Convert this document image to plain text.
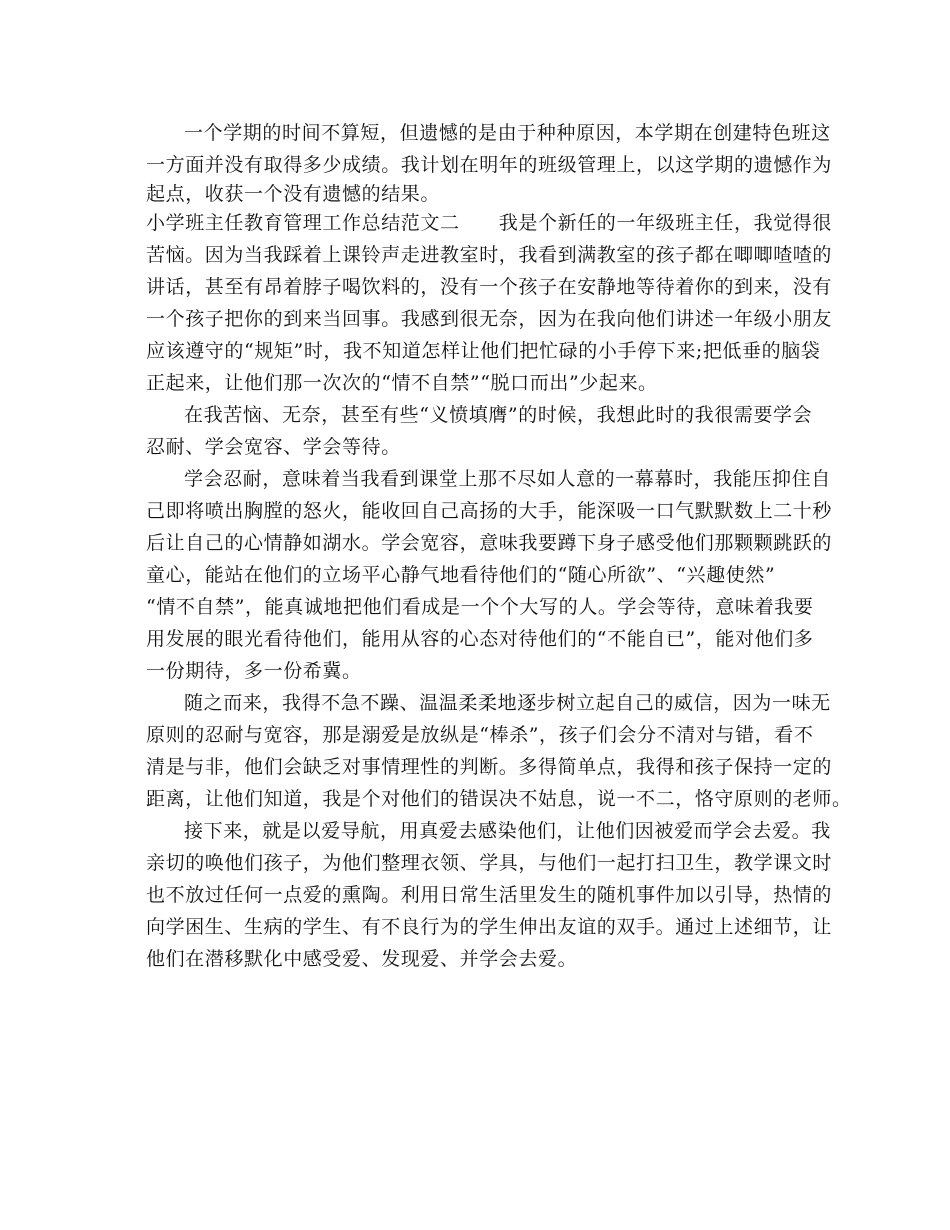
一个学期的时间不算短，但遗憾的是由于种种原因，本学期在创建特色班这
一方面并没有取得多少成绩。我计划在明年的班级管理上，以这学期的遗憾作为
起点，收获一个没有遗憾的结果。
小学班主任教育管理工作总结范文二　　我是个新任的一年级班主任，我觉得很
苦恼。因为当我踩着上课铃声走进教室时，我看到满教室的孩子都在唧唧喳喳的
讲话，甚至有昂着脖子喝饮料的，没有一个孩子在安静地等待着你的到来，没有
一个孩子把你的到来当回事。我感到很无奈，因为在我向他们讲述一年级小朋友
应该遵守的“规矩”时，我不知道怎样让他们把忙碌的小手停下来;把低垂的脑袋
正起来，让他们那一次次的“情不自禁”“脱口而出”少起来。
在我苦恼、无奈，甚至有些“义愤填膺”的时候，我想此时的我很需要学会
忍耐、学会宽容、学会等待。
学会忍耐，意味着当我看到课堂上那不尽如人意的一幕幕时，我能压抑住自
己即将喷出胸膛的怒火，能收回自己高扬的大手，能深吸一口气默默数上二十秒
后让自己的心情静如湖水。学会宽容，意味我要蹲下身子感受他们那颗颗跳跃的
童心，能站在他们的立场平心静气地看待他们的“随心所欲”、“兴趣使然”
“情不自禁”，能真诚地把他们看成是一个个大写的人。学会等待，意味着我要
用发展的眼光看待他们，能用从容的心态对待他们的“不能自已”，能对他们多
一份期待，多一份希冀。
随之而来，我得不急不躁、温温柔柔地逐步树立起自己的威信，因为一味无
原则的忍耐与宽容，那是溺爱是放纵是“棒杀”，孩子们会分不清对与错，看不
清是与非，他们会缺乏对事情理性的判断。多得简单点，我得和孩子保持一定的
距离，让他们知道，我是个对他们的错误决不姑息，说一不二，恪守原则的老师。
接下来，就是以爱导航，用真爱去感染他们，让他们因被爱而学会去爱。我
亲切的唤他们孩子，为他们整理衣领、学具，与他们一起打扫卫生，教学课文时
也不放过任何一点爱的熏陶。利用日常生活里发生的随机事件加以引导，热情的
向学困生、生病的学生、有不良行为的学生伸出友谊的双手。通过上述细节，让
他们在潜移默化中感受爱、发现爱、并学会去爱。
